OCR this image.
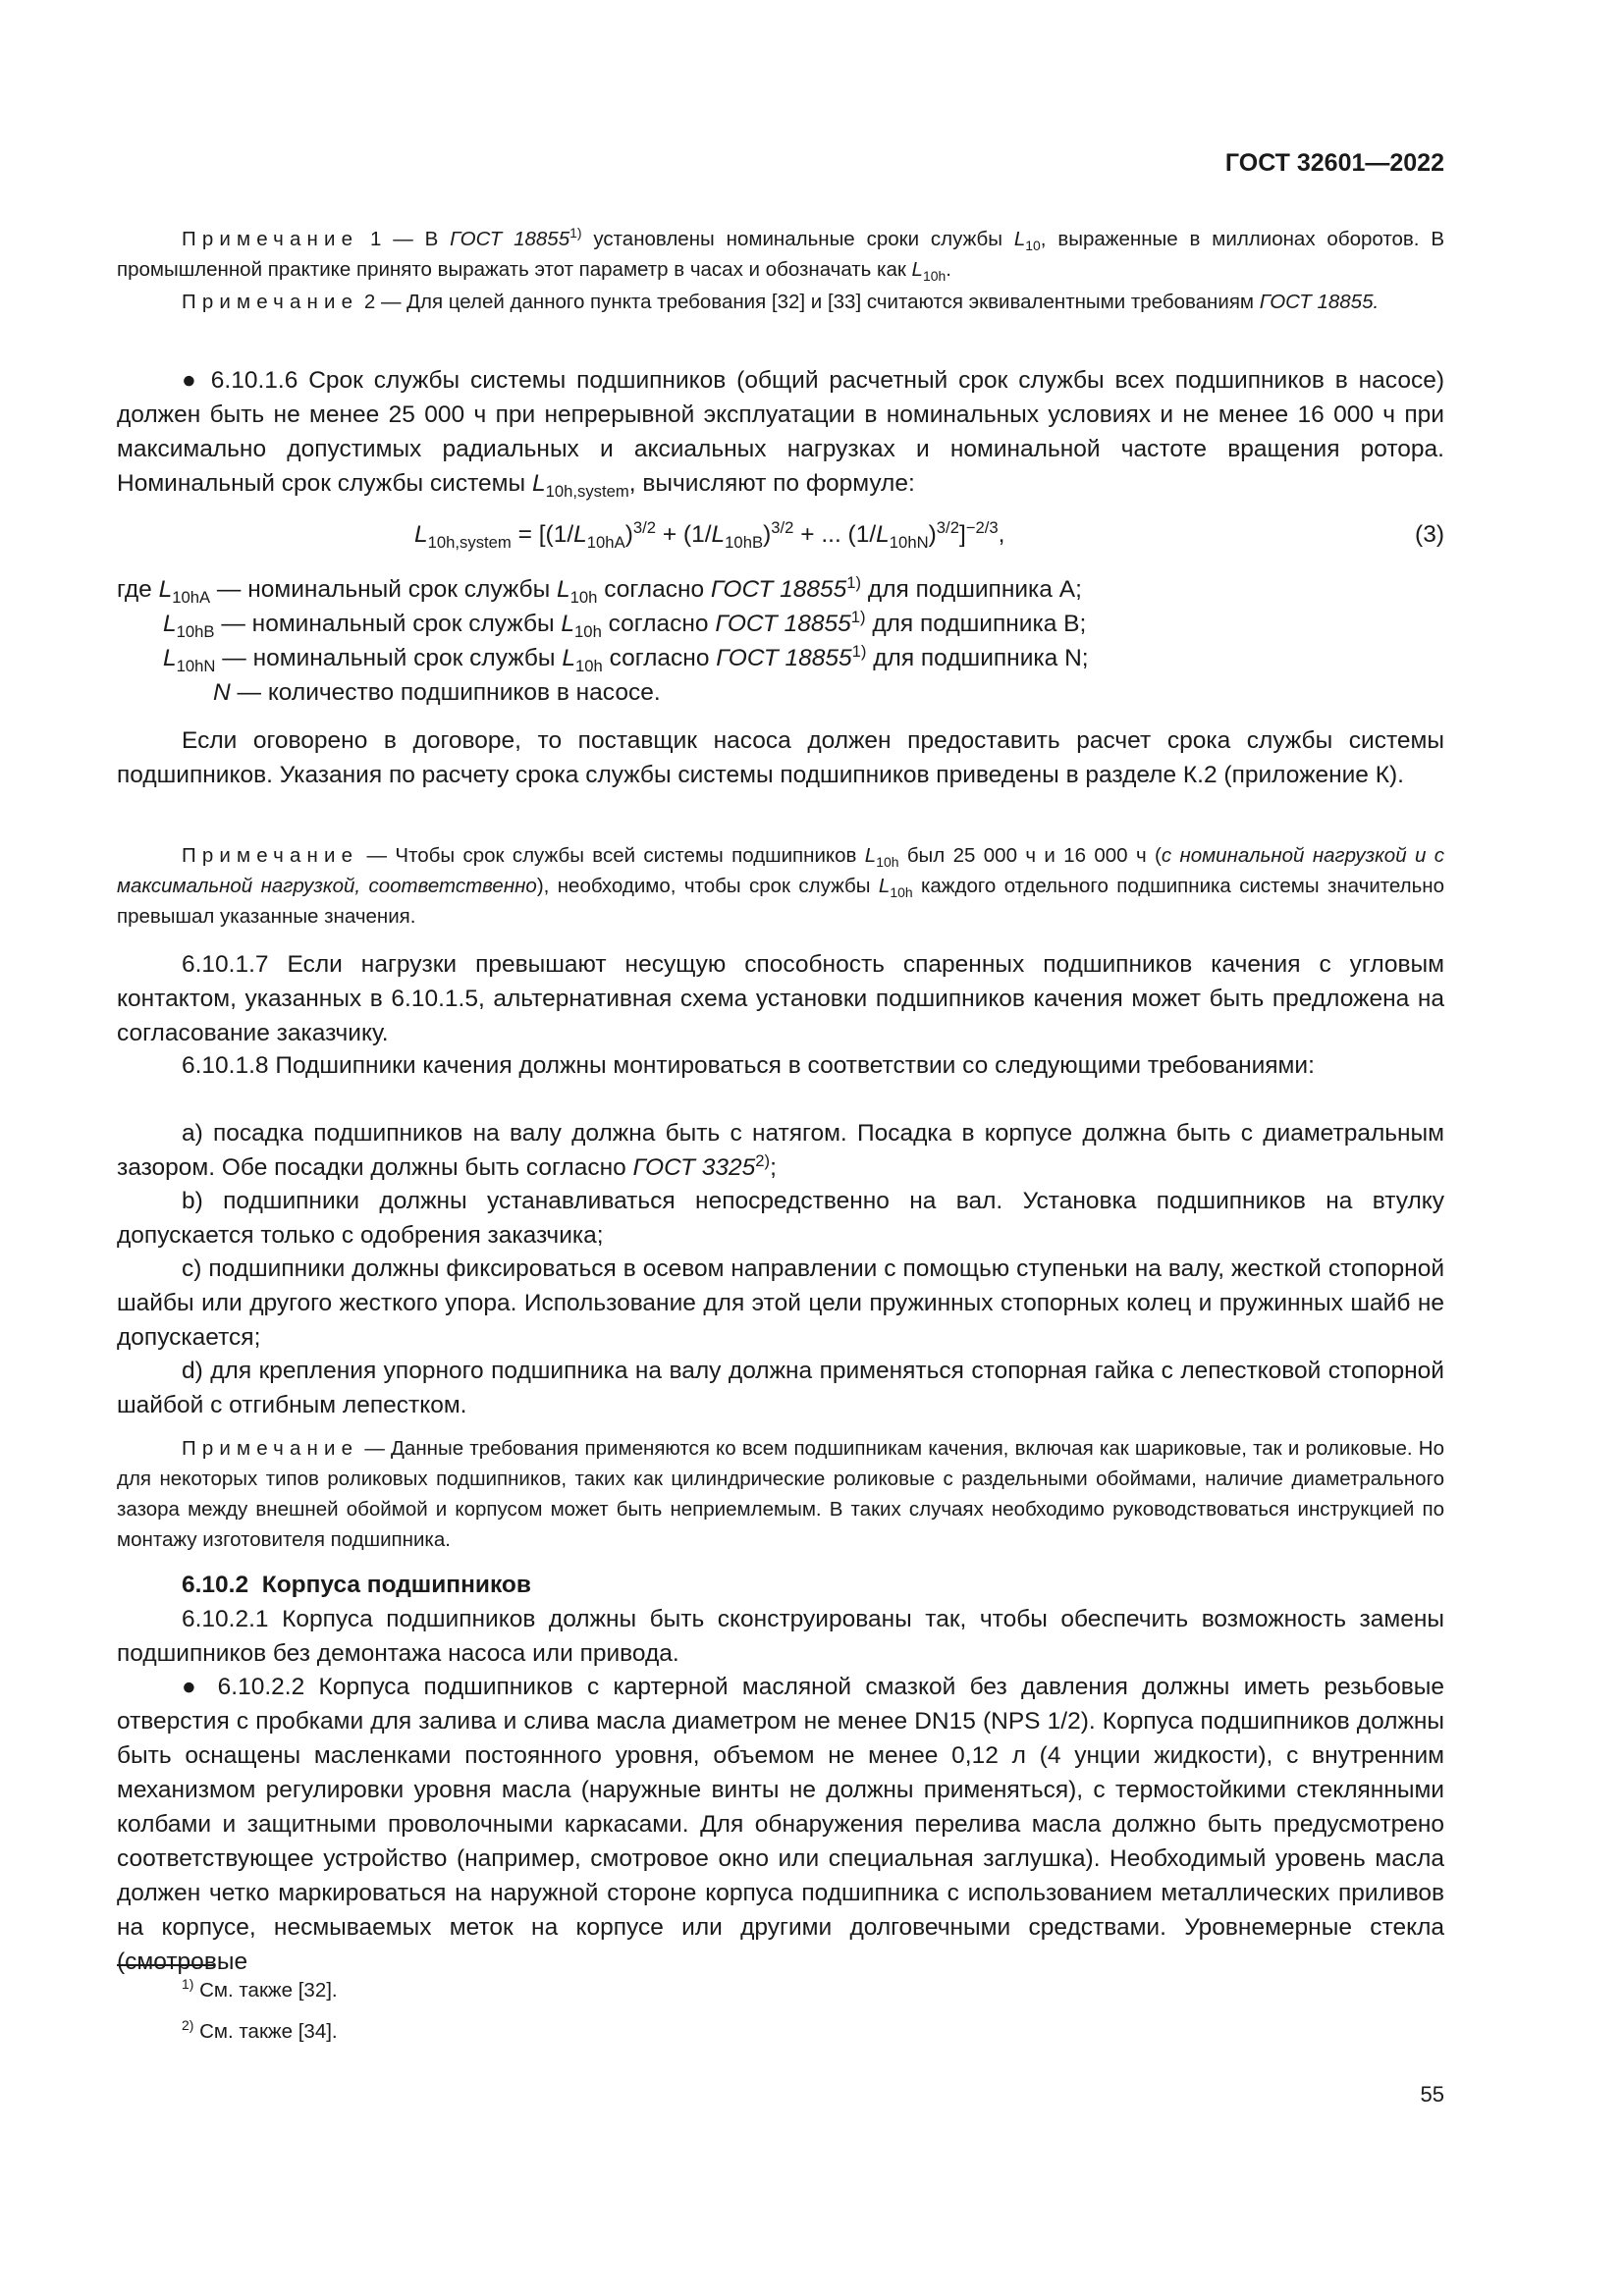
ГОСТ 32601—2022

Примечание 1 — В ГОСТ 18855$^{1)}$ установлены номинальные сроки службы $L_{10}$, выраженные в миллионах оборотов. В промышленной практике принято выражать этот параметр в часах и обозначать как $L_{10h}$.

Примечание 2 — Для целей данного пункта требования [32] и [33] считаются эквивалентными требованиям ГОСТ 18855.

● 6.10.1.6 Срок службы системы подшипников (общий расчетный срок службы всех подшипников в насосе) должен быть не менее 25 000 ч при непрерывной эксплуатации в номинальных условиях и не менее 16 000 ч при максимально допустимых радиальных и аксиальных нагрузках и номинальной частоте вращения ротора. Номинальный срок службы системы $L_{10h,system}$, вычисляют по формуле:

$L_{10h,system} = [(1/L_{10hA})^{3/2} + (1/L_{10hB})^{3/2}$ + ... $(1/L_{10hN})^{3/2}]^{-2/3}$,	(3)
где $L_{10hA}$ — номинальный срок службы $L_{10h}$ согласно ГОСТ 18855$^{1)}$ для подшипника А;
$L_{10hB}$ — номинальный срок службы $L_{10h}$ согласно ГОСТ 18855$^{1)}$ для подшипника В;
$L_{10hN}$ — номинальный срок службы $L_{10h}$ согласно ГОСТ 18855$^{1)}$ для подшипника N;
N — количество подшипников в насосе.

Если оговорено в договоре, то поставщик насоса должен предоставить расчет срока службы системы подшипников. Указания по расчету срока службы системы подшипников приведены в разделе К.2 (приложение К).

Примечание — Чтобы срок службы всей системы подшипников $L_{10h}$ был 25 000 ч и 16 000 ч (с номинальной нагрузкой и с максимальной нагрузкой, соответственно), необходимо, чтобы срок службы $L_{10h}$ каждого отдельного подшипника системы значительно превышал указанные значения.

6.10.1.7 Если нагрузки превышают несущую способность спаренных подшипников качения с угловым контактом, указанных в 6.10.1.5, альтернативная схема установки подшипников качения может быть предложена на согласование заказчику.

6.10.1.8 Подшипники качения должны монтироваться в соответствии со следующими требованиями:

a) посадка подшипников на валу должна быть с натягом. Посадка в корпусе должна быть с диаметральным зазором. Обе посадки должны быть согласно ГОСТ 3325$^{2)}$;

b) подшипники должны устанавливаться непосредственно на вал. Установка подшипников на втулку допускается только с одобрения заказчика;

c) подшипники должны фиксироваться в осевом направлении с помощью ступеньки на валу, жесткой стопорной шайбы или другого жесткого упора. Использование для этой цели пружинных стопорных колец и пружинных шайб не допускается;

d) для крепления упорного подшипника на валу должна применяться стопорная гайка с лепестковой стопорной шайбой с отгибным лепестком.

Примечание — Данные требования применяются ко всем подшипникам качения, включая как шариковые, так и роликовые. Но для некоторых типов роликовых подшипников, таких как цилиндрические роликовые с раздельными обоймами, наличие диаметрального зазора между внешней обоймой и корпусом может быть неприемлемым. В таких случаях необходимо руководствоваться инструкцией по монтажу изготовителя подшипника.

6.10.2 Корпуса подшипников

6.10.2.1 Корпуса подшипников должны быть сконструированы так, чтобы обеспечить возможность замены подшипников без демонтажа насоса или привода.

● 6.10.2.2 Корпуса подшипников с картерной масляной смазкой без давления должны иметь резьбовые отверстия с пробками для залива и слива масла диаметром не менее DN15 (NPS 1/2). Корпуса подшипников должны быть оснащены масленками постоянного уровня, объемом не менее 0,12 л (4 унции жидкости), с внутренним механизмом регулировки уровня масла (наружные винты не должны применяться), с термостойкими стеклянными колбами и защитными проволочными каркасами. Для обнаружения перелива масла должно быть предусмотрено соответствующее устройство (например, смотровое окно или специальная заглушка). Необходимый уровень масла должен четко маркироваться на наружной стороне корпуса подшипника с использованием металлических приливов на корпусе, несмываемых меток на корпусе или другими долговечными средствами. Уровнемерные стекла (смотровые

$^{1)}$ См. также [32].
$^{2)}$ См. также [34].
55
